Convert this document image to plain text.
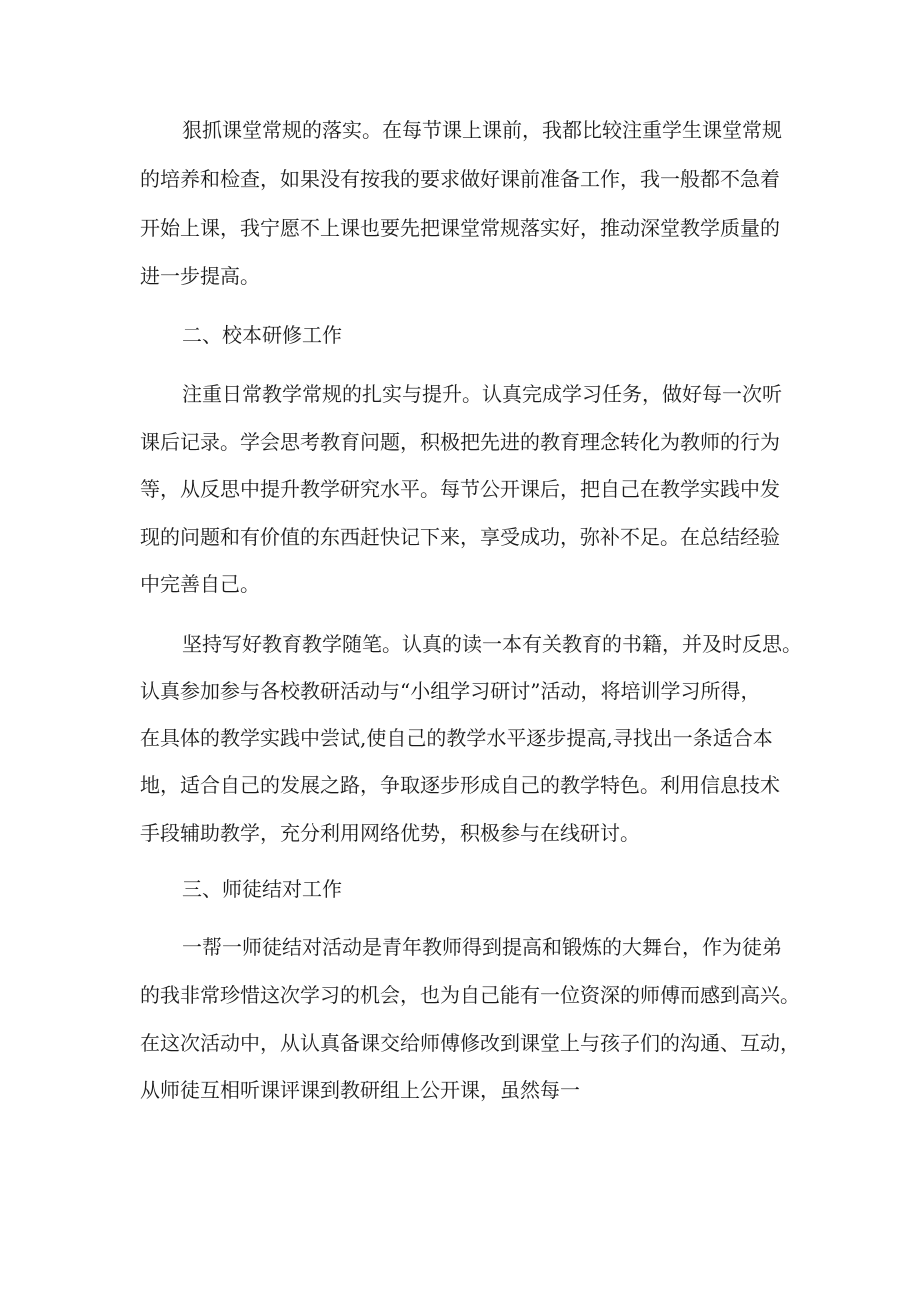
狠抓课堂常规的落实。在每节课上课前，我都比较注重学生课堂常规
的培养和检查，如果没有按我的要求做好课前准备工作，我一般都不急着
开始上课，我宁愿不上课也要先把课堂常规落实好，推动深堂教学质量的
进一步提高。
二、校本研修工作
注重日常教学常规的扎实与提升。认真完成学习任务，做好每一次听
课后记录。学会思考教育问题，积极把先进的教育理念转化为教师的行为
等，从反思中提升教学研究水平。每节公开课后，把自己在教学实践中发
现的问题和有价值的东西赶快记下来，享受成功，弥补不足。在总结经验
中完善自己。
坚持写好教育教学随笔。认真的读一本有关教育的书籍，并及时反思。
认真参加参与各校教研活动与“小组学习研讨”活动，将培训学习所得，
在具体的教学实践中尝试,使自己的教学水平逐步提高,寻找出一条适合本
地，适合自己的发展之路，争取逐步形成自己的教学特色。利用信息技术
手段辅助教学，充分利用网络优势，积极参与在线研讨。
三、师徒结对工作
一帮一师徒结对活动是青年教师得到提高和锻炼的大舞台，作为徒弟
的我非常珍惜这次学习的机会，也为自己能有一位资深的师傅而感到高兴。
在这次活动中，从认真备课交给师傅修改到课堂上与孩子们的沟通、互动，
从师徒互相听课评课到教研组上公开课，虽然每一
